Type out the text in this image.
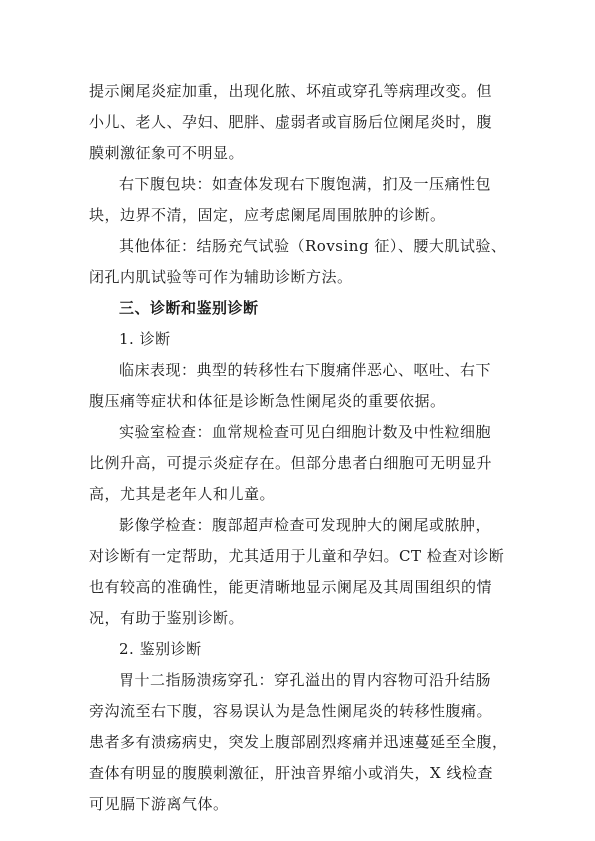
提示阑尾炎症加重，出现化脓、坏疽或穿孔等病理改变。但
小儿、老人、孕妇、肥胖、虚弱者或盲肠后位阑尾炎时，腹
膜刺激征象可不明显。

右下腹包块：如查体发现右下腹饱满，扪及一压痛性包
块，边界不清，固定，应考虑阑尾周围脓肿的诊断。

其他体征：结肠充气试验（Rovsing 征）、腰大肌试验、
闭孔内肌试验等可作为辅助诊断方法。

三、诊断和鉴别诊断

1. 诊断

临床表现：典型的转移性右下腹痛伴恶心、呕吐、右下
腹压痛等症状和体征是诊断急性阑尾炎的重要依据。

实验室检查：血常规检查可见白细胞计数及中性粒细胞
比例升高，可提示炎症存在。但部分患者白细胞可无明显升
高，尤其是老年人和儿童。

影像学检查：腹部超声检查可发现肿大的阑尾或脓肿，
对诊断有一定帮助，尤其适用于儿童和孕妇。CT 检查对诊断
也有较高的准确性，能更清晰地显示阑尾及其周围组织的情
况，有助于鉴别诊断。

2. 鉴别诊断

胃十二指肠溃疡穿孔：穿孔溢出的胃内容物可沿升结肠
旁沟流至右下腹，容易误认为是急性阑尾炎的转移性腹痛。
患者多有溃疡病史，突发上腹部剧烈疼痛并迅速蔓延至全腹，
查体有明显的腹膜刺激征，肝浊音界缩小或消失，X 线检查
可见膈下游离气体。
